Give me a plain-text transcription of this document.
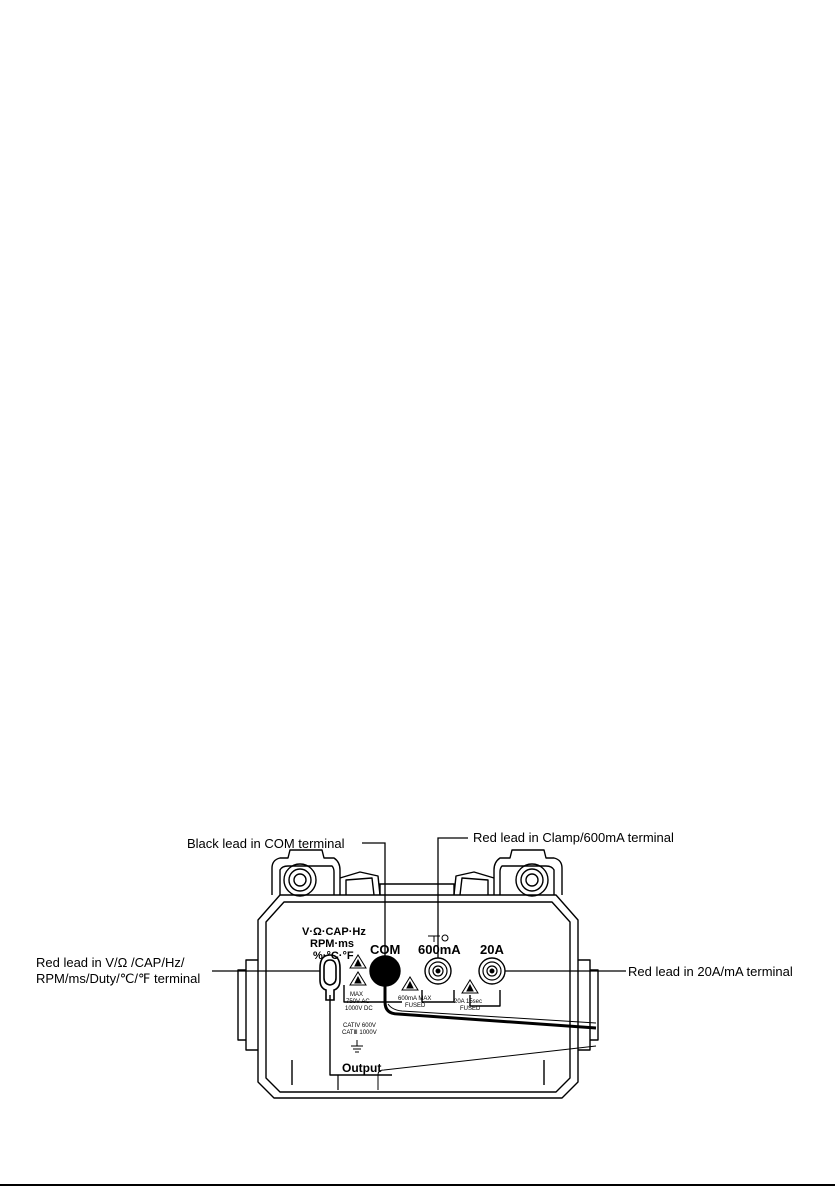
Black lead in COM terminal	Red lead in Clamp/600mA terminal
Red lead in V/Ω /CAP/Hz/
RPM/ms/Duty/℃/℉ terminal	Red lead in 20A/mA terminal
V·Ω·CAP·Hz
RPM·ms
%·°C·°F COM 600mA 20A
MAX
750V AC
1000V DC
CATIV 600V
CATⅢ 1000V
600mA MAX
FUSED
20A 15sec
FUSED
Output
